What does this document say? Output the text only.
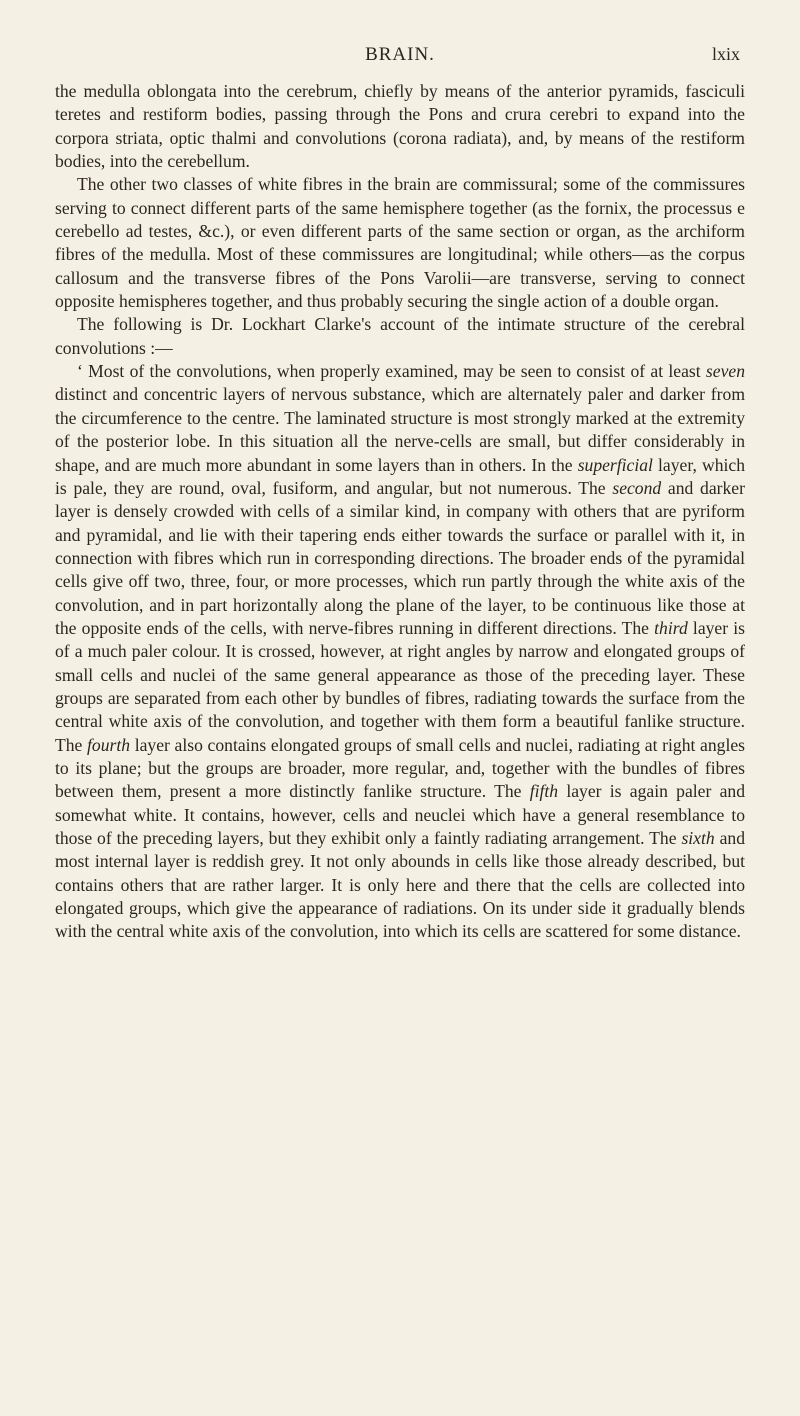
BRAIN.	lxix

the medulla oblongata into the cerebrum, chiefly by means of the anterior pyramids, fasciculi teretes and restiform bodies, passing through the Pons and crura cerebri to expand into the corpora striata, optic thalmi and convolutions (corona radiata), and, by means of the restiform bodies, into the cerebellum.

The other two classes of white fibres in the brain are commissural; some of the commissures serving to connect different parts of the same hemisphere together (as the fornix, the processus e cerebello ad testes, &c.), or even different parts of the same section or organ, as the archiform fibres of the medulla. Most of these commissures are longitudinal; while others—as the corpus callosum and the transverse fibres of the Pons Varolii—are transverse, serving to connect opposite hemispheres together, and thus probably securing the single action of a double organ.

The following is Dr. Lockhart Clarke's account of the intimate structure of the cerebral convolutions :—

‘ Most of the convolutions, when properly examined, may be seen to consist of at least seven distinct and concentric layers of nervous substance, which are alternately paler and darker from the circumference to the centre. The laminated structure is most strongly marked at the extremity of the posterior lobe. In this situation all the nerve-cells are small, but differ considerably in shape, and are much more abundant in some layers than in others. In the superficial layer, which is pale, they are round, oval, fusiform, and angular, but not numerous. The second and darker layer is densely crowded with cells of a similar kind, in company with others that are pyriform and pyramidal, and lie with their tapering ends either towards the surface or parallel with it, in connection with fibres which run in corresponding directions. The broader ends of the pyramidal cells give off two, three, four, or more processes, which run partly through the white axis of the convolution, and in part horizontally along the plane of the layer, to be continuous like those at the opposite ends of the cells, with nerve-fibres running in different directions. The third layer is of a much paler colour. It is crossed, however, at right angles by narrow and elongated groups of small cells and nuclei of the same general appearance as those of the preceding layer. These groups are separated from each other by bundles of fibres, radiating towards the surface from the central white axis of the convolution, and together with them form a beautiful fanlike structure. The fourth layer also contains elongated groups of small cells and nuclei, radiating at right angles to its plane; but the groups are broader, more regular, and, together with the bundles of fibres between them, present a more distinctly fanlike structure. The fifth layer is again paler and somewhat white. It contains, however, cells and neuclei which have a general resemblance to those of the preceding layers, but they exhibit only a faintly radiating arrangement. The sixth and most internal layer is reddish grey. It not only abounds in cells like those already described, but contains others that are rather larger. It is only here and there that the cells are collected into elongated groups, which give the appearance of radiations. On its under side it gradually blends with the central white axis of the convolution, into which its cells are scattered for some distance.
